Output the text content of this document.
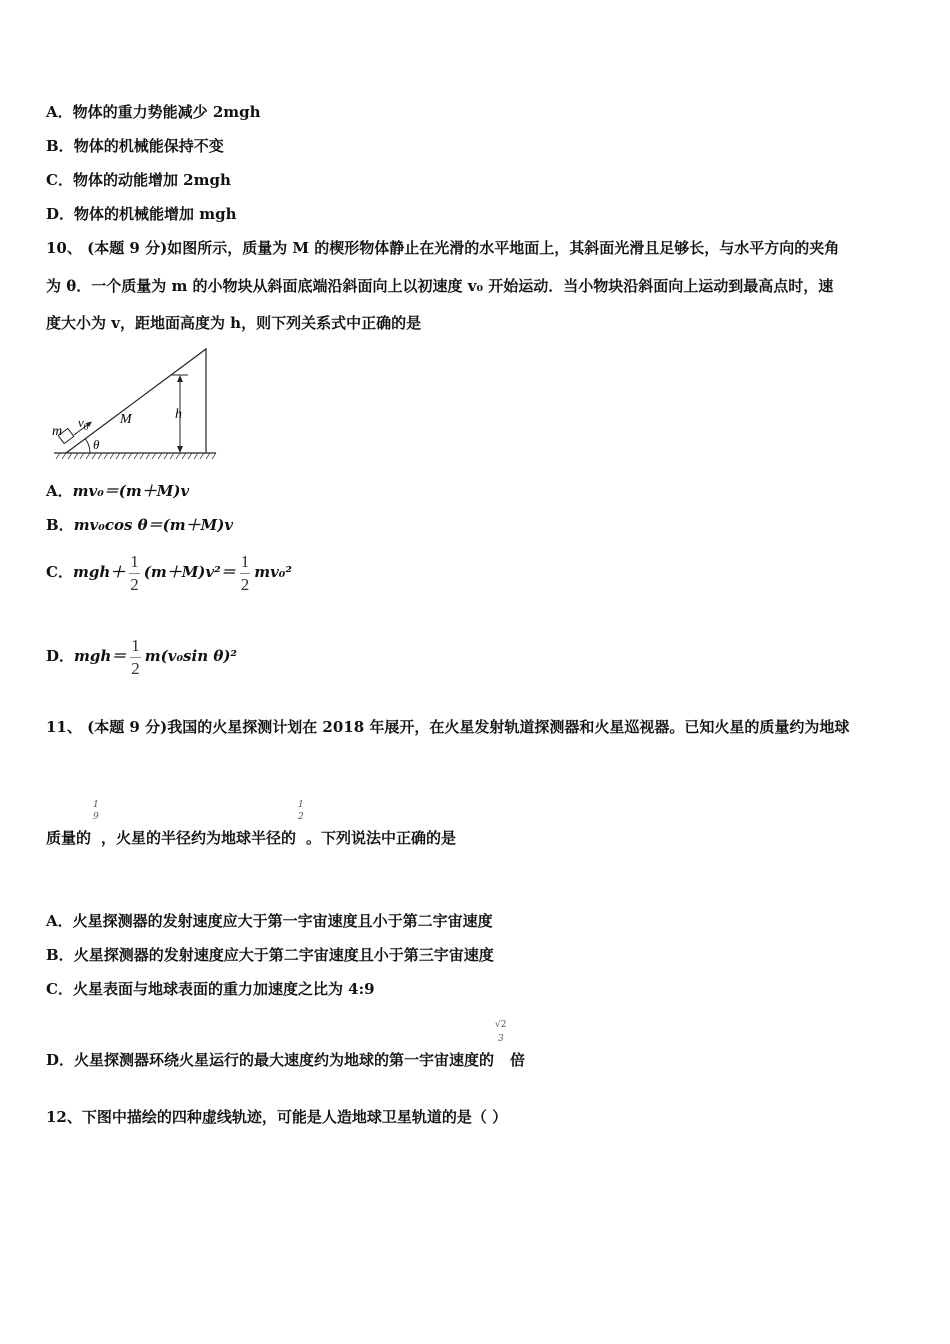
A．物体的重力势能减少 2mgh
B．物体的机械能保持不变
C．物体的动能增加 2mgh
D．物体的机械能增加 mgh
10、 (本题 9 分)如图所示，质量为 M 的楔形物体静止在光滑的水平地面上，其斜面光滑且足够长，与水平方向的夹角
为 θ．一个质量为 m 的小物块从斜面底端沿斜面向上以初速度 v₀ 开始运动．当小物块沿斜面向上运动到最高点时，速
度大小为 v，距地面高度为 h，则下列关系式中正确的是
m
$v_0$ M	h
θ
A．mv₀＝(m＋M)v
B．mv₀cos θ＝(m＋M)v
C．$mgh+ \frac{1}{2} (m+M)v^2= \frac{1}{2} mv_0^2$
D．$mgh= \frac{1}{2} m(v_0\sin$ θ)²
11、 (本题 9 分)我国的火星探测计划在 2018 年展开，在火星发射轨道探测器和火星巡视器。已知火星的质量约为地球
质量的
1
9
，火星的半径约为地球半径的
1
2
。下列说法中正确的是
A．火星探测器的发射速度应大于第一宇宙速度且小于第二宇宙速度
B．火星探测器的发射速度应大于第二宇宙速度且小于第三宇宙速度
C．火星表面与地球表面的重力加速度之比为 4:9
D．火星探测器环绕火星运行的最大速度约为地球的第一宇宙速度的
√2
3
倍
12、下图中描绘的四种虚线轨迹，可能是人造地球卫星轨道的是（ ）
